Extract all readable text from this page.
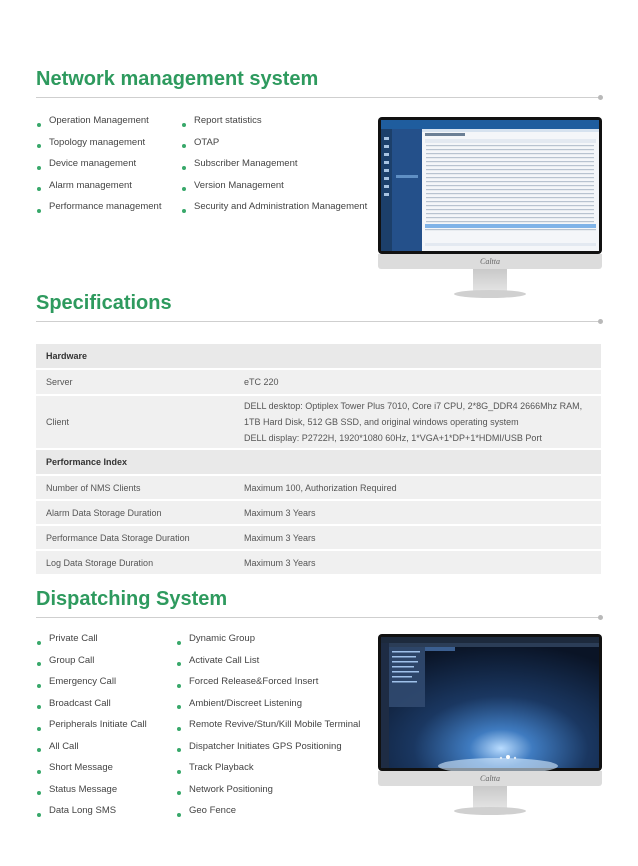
Network management system
Operation Management
Topology management
Device management
Alarm management
Performance management
Report statistics
OTAP
Subscriber Management
Version Management
Security and Administration Management
Caltta
Specifications
Hardware	
Server	eTC 220
Client	DELL desktop: Optiplex Tower Plus 7010, Core i7 CPU, 2*8G_DDR4 2666Mhz RAM,
1TB Hard Disk, 512 GB SSD, and original windows operating system
DELL display: P2722H, 1920*1080 60Hz, 1*VGA+1*DP+1*HDMI/USB Port

Performance Index	
Number of NMS Clients	Maximum 100, Authorization Required
Alarm Data Storage Duration	Maximum 3 Years
Performance Data Storage Duration	Maximum 3 Years
Log Data Storage Duration	Maximum 3 Years
Dispatching System
Private Call
Group Call
Emergency Call
Broadcast Call
Peripherals Initiate Call
All Call
Short Message
Status Message
Data Long SMS
Dynamic Group
Activate Call List
Forced Release&Forced Insert
Ambient/Discreet Listening
Remote Revive/Stun/Kill Mobile Terminal
Dispatcher Initiates GPS Positioning
Track Playback
Network Positioning
Geo Fence
Caltta
